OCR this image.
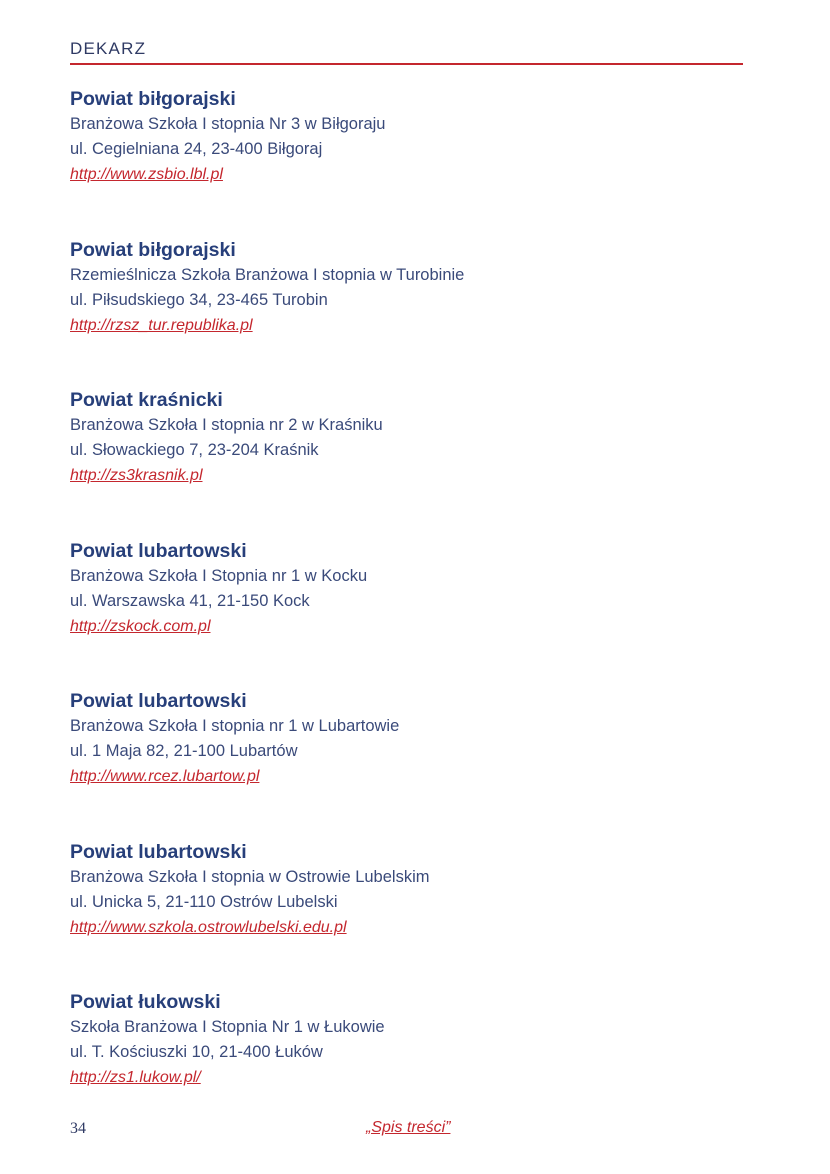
DEKARZ
Powiat biłgorajski
Branżowa Szkoła I stopnia Nr 3 w Biłgoraju
ul. Cegielniana 24, 23-400 Biłgoraj
http://www.zsbio.lbl.pl
Powiat biłgorajski
Rzemieślnicza Szkoła Branżowa I stopnia w Turobinie
ul. Piłsudskiego 34, 23-465 Turobin
http://rzsz_tur.republika.pl
Powiat kraśnicki
Branżowa Szkoła I stopnia nr 2 w Kraśniku
ul. Słowackiego 7, 23-204 Kraśnik
http://zs3krasnik.pl
Powiat lubartowski
Branżowa Szkoła I Stopnia nr 1 w Kocku
ul. Warszawska 41, 21-150 Kock
http://zskock.com.pl
Powiat lubartowski
Branżowa Szkoła I stopnia nr 1 w Lubartowie
ul. 1 Maja 82, 21-100 Lubartów
http://www.rcez.lubartow.pl
Powiat lubartowski
Branżowa Szkoła I stopnia w Ostrowie Lubelskim
ul. Unicka 5, 21-110 Ostrów Lubelski
http://www.szkola.ostrowlubelski.edu.pl
Powiat łukowski
Szkoła Branżowa I Stopnia Nr 1 w Łukowie
ul. T. Kościuszki 10, 21-400 Łuków
http://zs1.lukow.pl/
34	„Spis treści”
